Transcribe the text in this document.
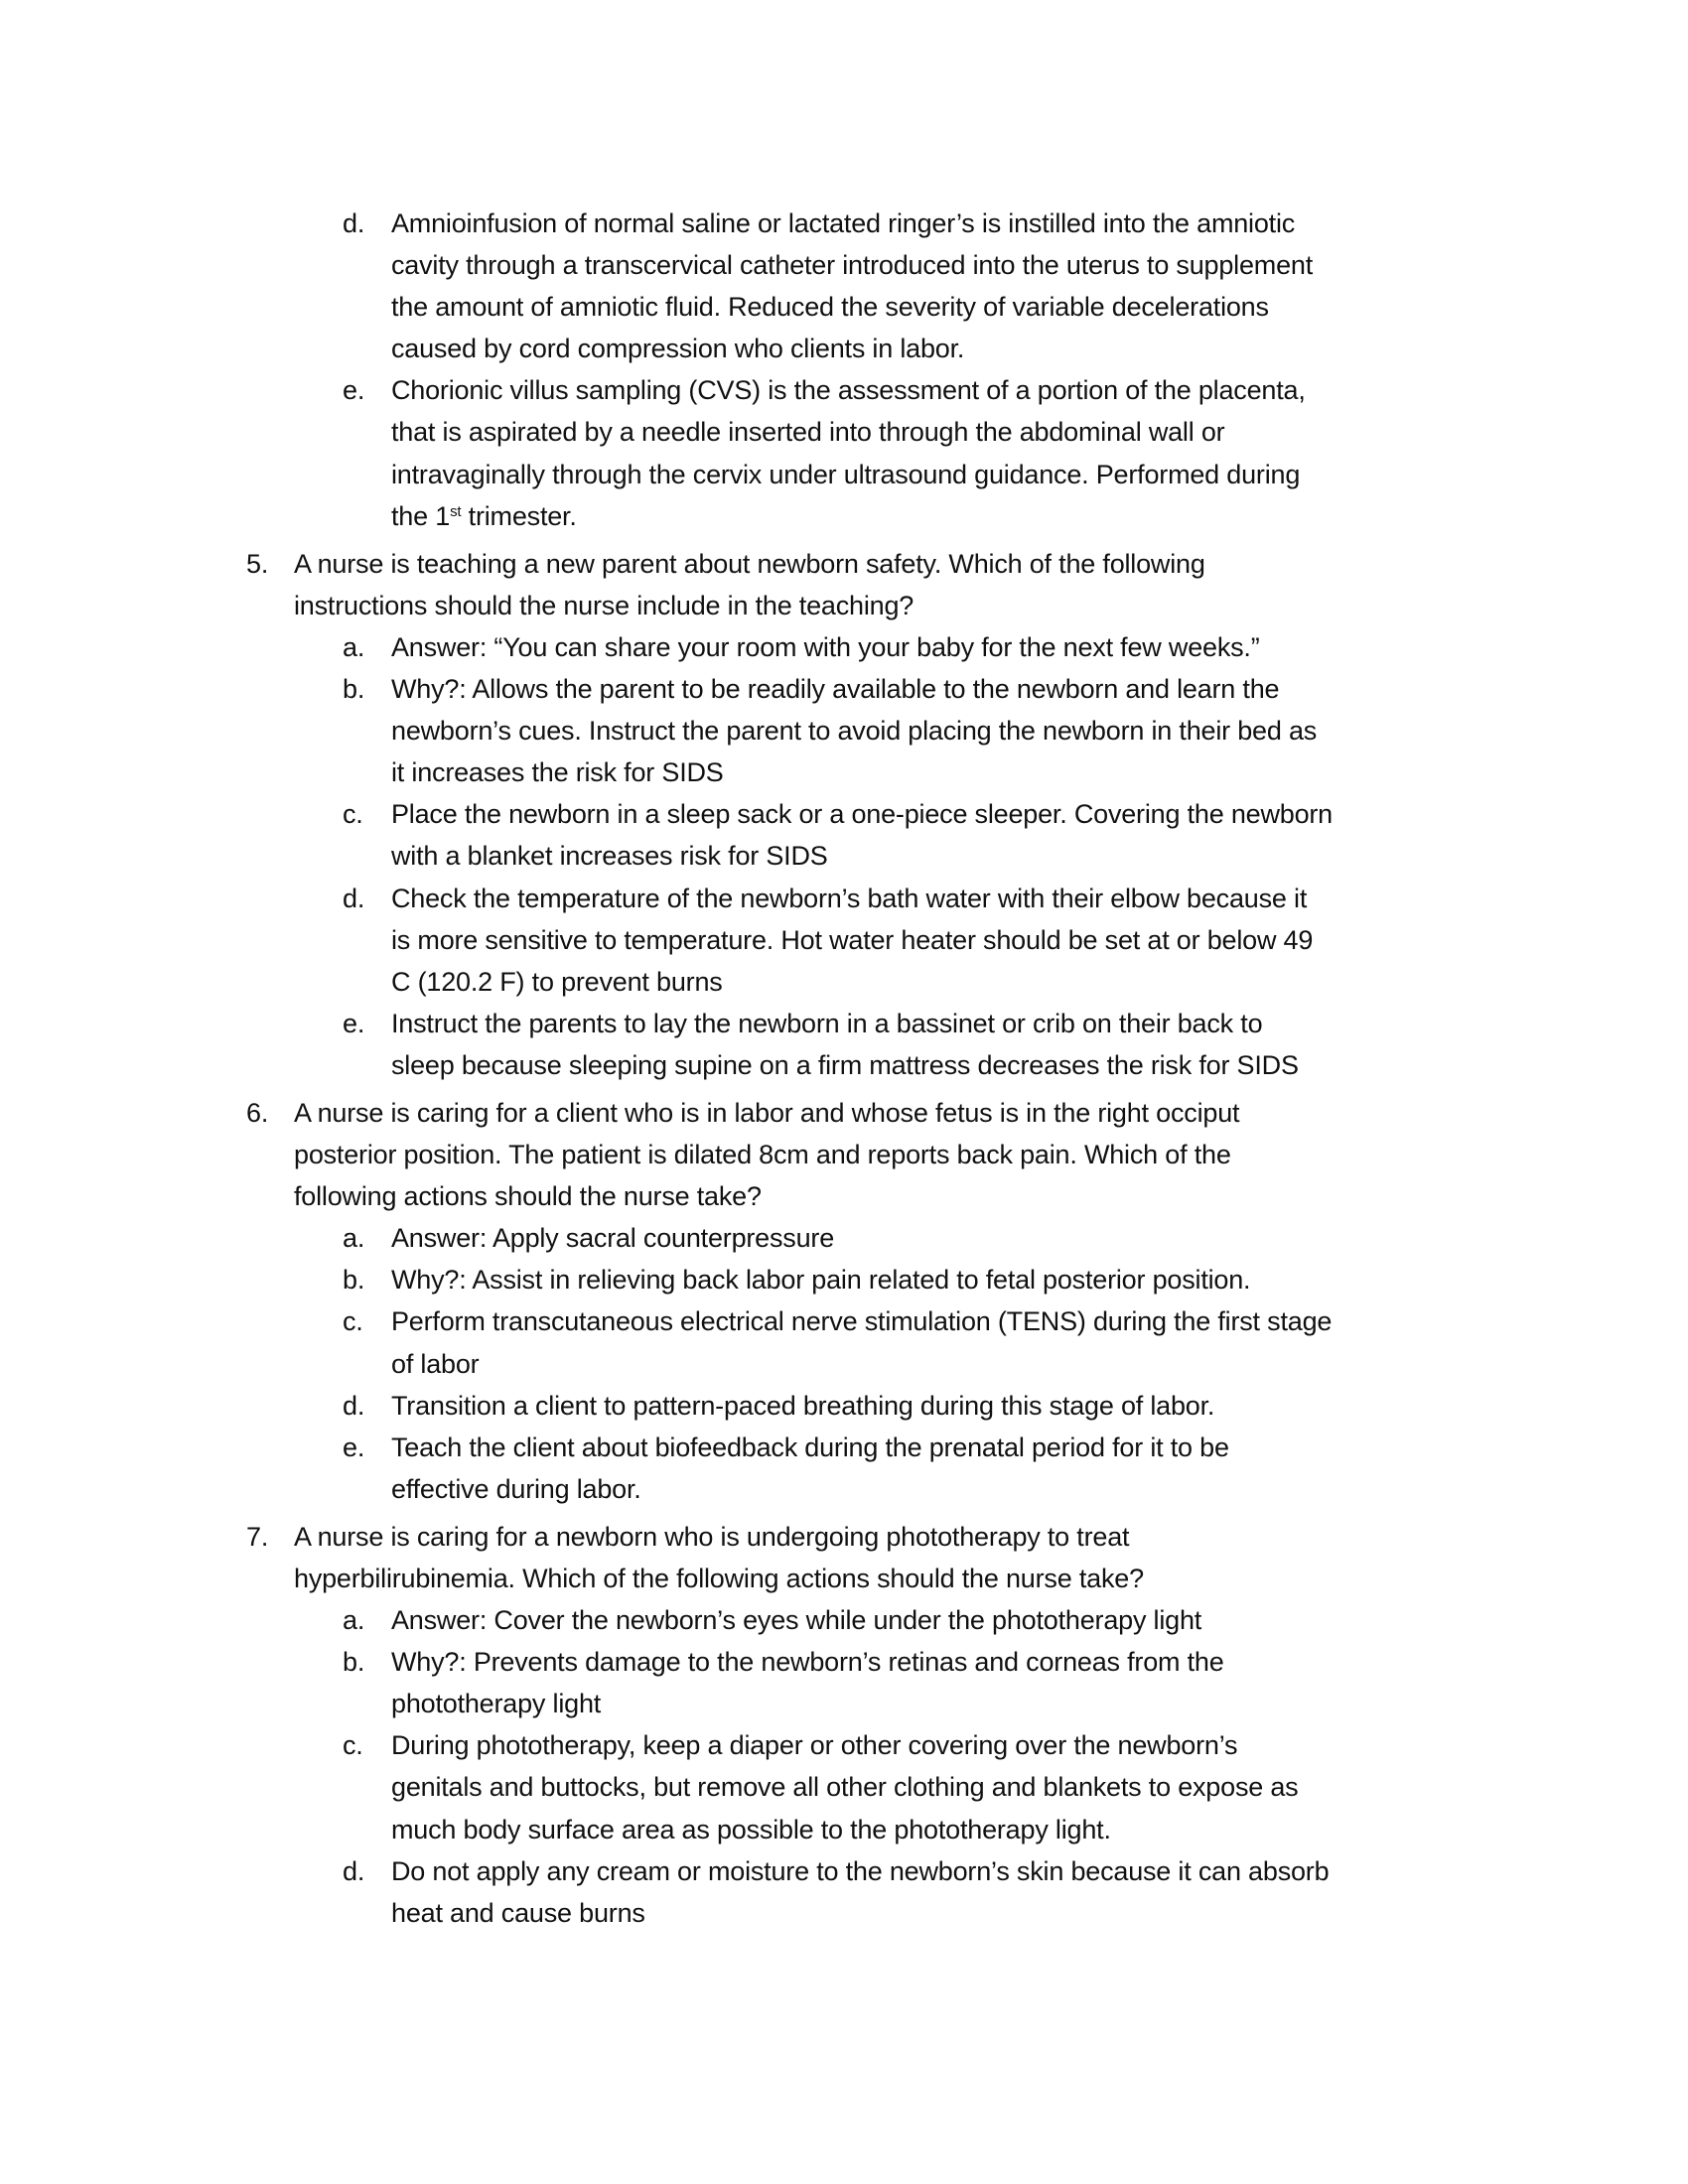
d. Amnioinfusion of normal saline or lactated ringer’s is instilled into the amniotic
cavity through a transcervical catheter introduced into the uterus to supplement
the amount of amniotic fluid. Reduced the severity of variable decelerations
caused by cord compression who clients in labor.
e. Chorionic villus sampling (CVS) is the assessment of a portion of the placenta,
that is aspirated by a needle inserted into through the abdominal wall or
intravaginally through the cervix under ultrasound guidance. Performed during
the 1st trimester.
5. A nurse is teaching a new parent about newborn safety. Which of the following
instructions should the nurse include in the teaching?
a. Answer: “You can share your room with your baby for the next few weeks.”
b. Why?: Allows the parent to be readily available to the newborn and learn the
newborn’s cues. Instruct the parent to avoid placing the newborn in their bed as
it increases the risk for SIDS
c.	Place the newborn in a sleep sack or a one-piece sleeper. Covering the newborn
with a blanket increases risk for SIDS
d. Check the temperature of the newborn’s bath water with their elbow because it
is more sensitive to temperature. Hot water heater should be set at or below 49
C (120.2 F) to prevent burns
e. Instruct the parents to lay the newborn in a bassinet or crib on their back to
sleep because sleeping supine on a firm mattress decreases the risk for SIDS
6. A nurse is caring for a client who is in labor and whose fetus is in the right occiput
posterior position. The patient is dilated 8cm and reports back pain. Which of the
following actions should the nurse take?
a. Answer: Apply sacral counterpressure
b. Why?: Assist in relieving back labor pain related to fetal posterior position.
c.	Perform transcutaneous electrical nerve stimulation (TENS) during the first stage
of labor
d. Transition a client to pattern-paced breathing during this stage of labor.
e. Teach the client about biofeedback during the prenatal period for it to be
effective during labor.
7. A nurse is caring for a newborn who is undergoing phototherapy to treat
hyperbilirubinemia. Which of the following actions should the nurse take?
a. Answer: Cover the newborn’s eyes while under the phototherapy light
b. Why?: Prevents damage to the newborn’s retinas and corneas from the
phototherapy light
c.	During phototherapy, keep a diaper or other covering over the newborn’s
genitals and buttocks, but remove all other clothing and blankets to expose as
much body surface area as possible to the phototherapy light.
d. Do not apply any cream or moisture to the newborn’s skin because it can absorb
heat and cause burns
